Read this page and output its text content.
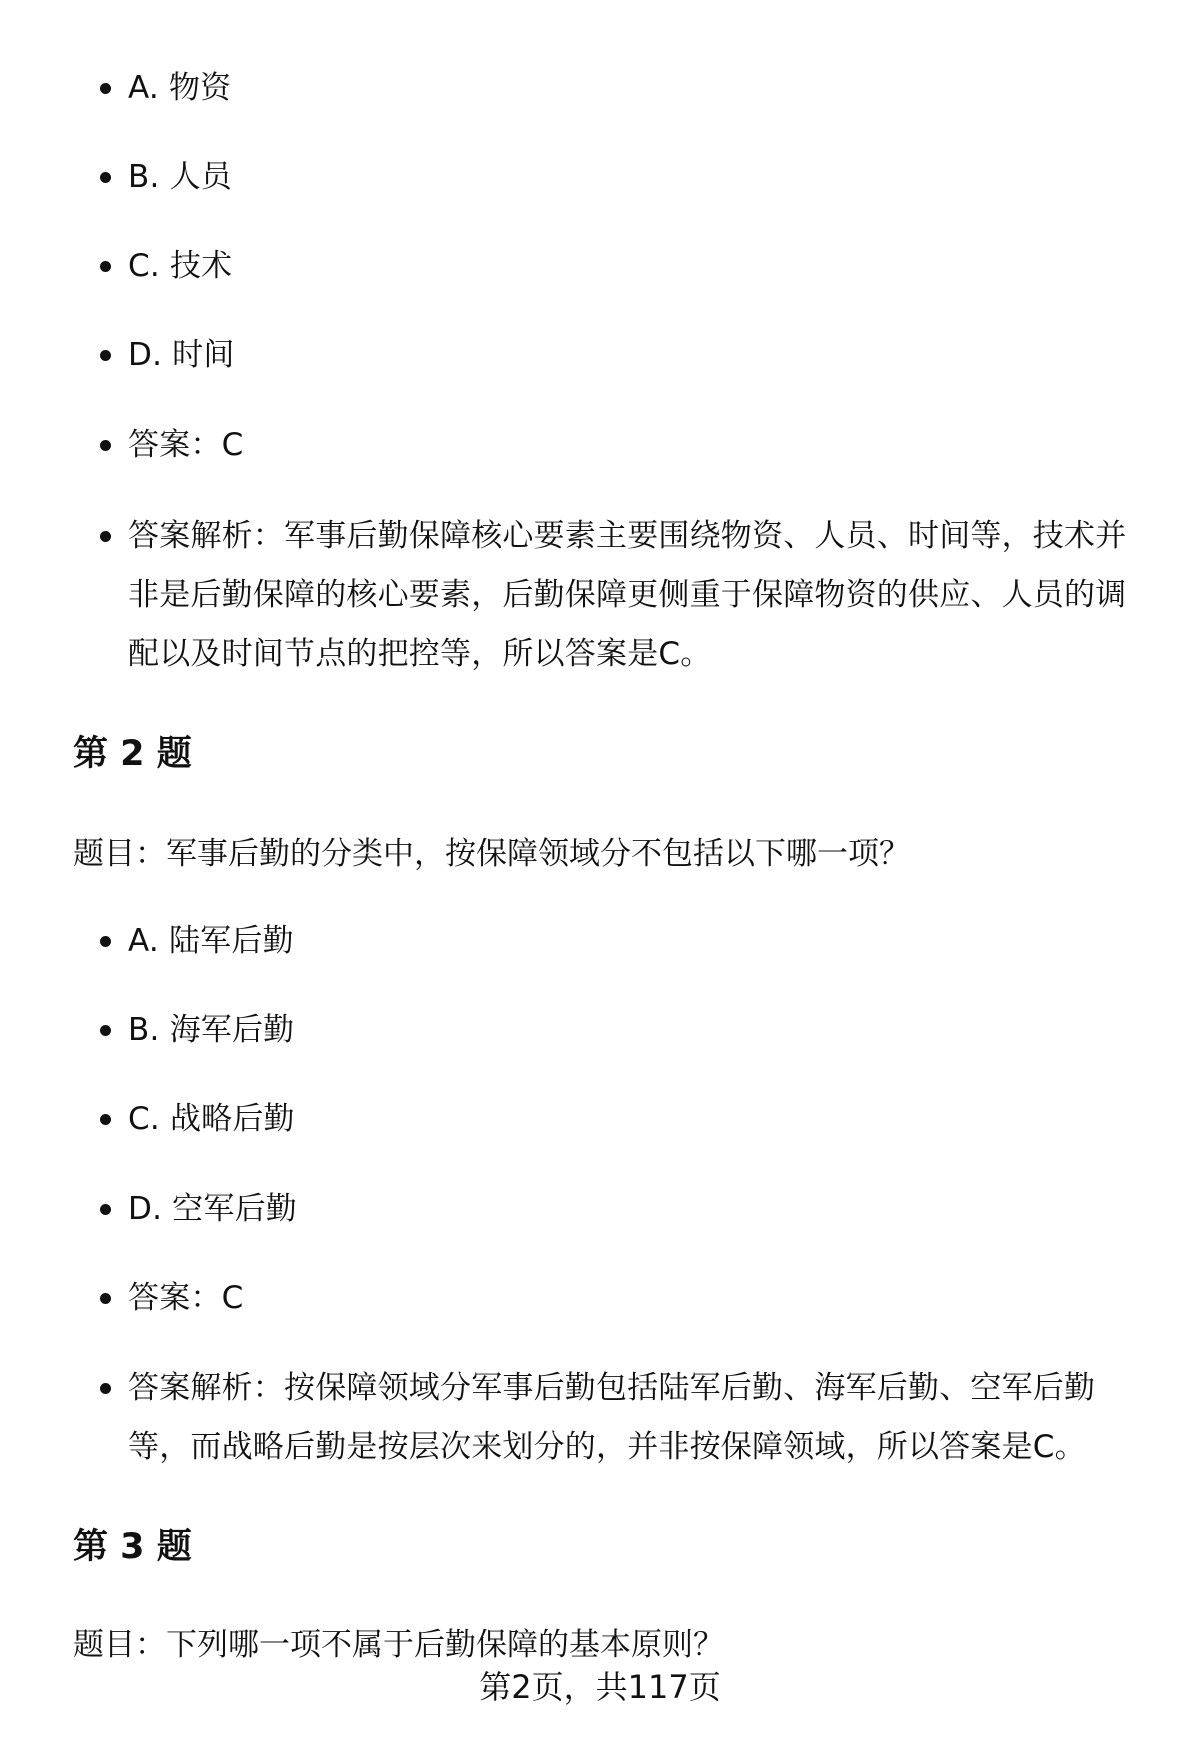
A. 物资
B. 人员
C. 技术
D. 时间
答案：C
答案解析：军事后勤保障核心要素主要围绕物资、人员、时间等，技术并非是后勤保障的核心要素，后勤保障更侧重于保障物资的供应、人员的调配以及时间节点的把控等，所以答案是C。
第 2 题
题目：军事后勤的分类中，按保障领域分不包括以下哪一项？
A. 陆军后勤
B. 海军后勤
C. 战略后勤
D. 空军后勤
答案：C
答案解析：按保障领域分军事后勤包括陆军后勤、海军后勤、空军后勤等，而战略后勤是按层次来划分的，并非按保障领域，所以答案是C。
第 3 题
题目：下列哪一项不属于后勤保障的基本原则？
第2页，共117页
